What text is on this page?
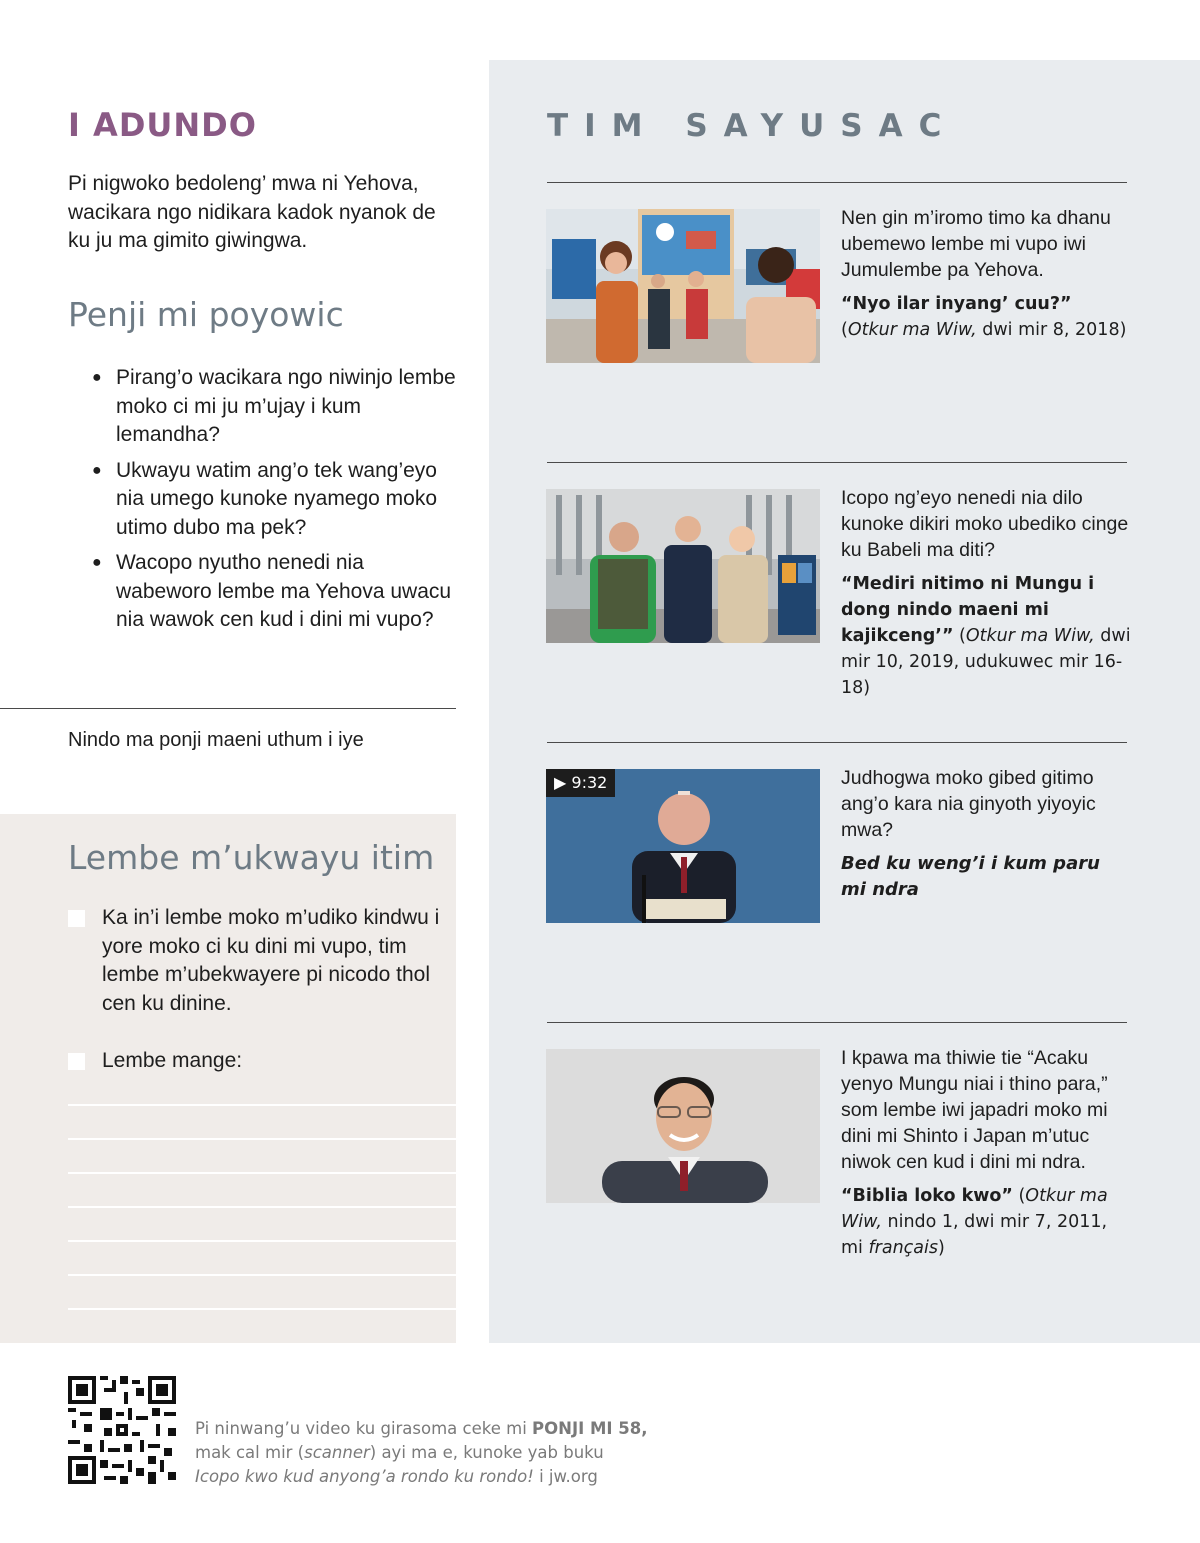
TIM SAYUSAC
Nen gin m’iromo timo ka dhanu ubemewo lembe mi vupo iwi Jumulembe pa Yehova.
“Nyo ilar inyang’ cuu?” (Otkur ma Wiw, dwi mir 8, 2018)
Icopo ng’eyo nenedi nia dilo kunoke dikiri moko ubediko cinge ku Babeli ma diti?
“Mediri nitimo ni Mungu i dong nindo maeni mi kajikceng’” (Otkur ma Wiw, dwi mir 10, 2019, udukuwec mir 16-18)
▶ 9:32	Judhogwa moko gibed gitimo ang’o kara nia ginyoth yiyoyic mwa?
Bed ku weng’i i kum paru mi ndra
I kpawa ma thiwie tie “Acaku yenyo Mungu niai i thino para,” som lembe iwi japadri moko mi dini mi Shinto i Japan m’utuc niwok cen kud i dini mi ndra.
“Biblia loko kwo” (Otkur ma Wiw, nindo 1, dwi mir 7, 2011, mi français)
I ADUNDO
Pi nigwoko bedoleng’ mwa ni Yehova, wacikara ngo nidikara kadok nyanok de ku ju ma gimito giwingwa.
Penji mi poyowic
● Pirang’o wacikara ngo niwinjo lembe moko ci mi ju m’ujay i kum lemandha?
● Ukwayu watim ang’o tek wang’eyo nia umego kunoke nyamego moko utimo dubo ma pek?
● Wacopo nyutho nenedi nia wabeworo lembe ma Yehova uwacu nia wawok cen kud i dini mi vupo?
Nindo ma ponji maeni uthum i iye
Lembe m’ukwayu itim
Ka in’i lembe moko m’udiko kindwu i yore moko ci ku dini mi vupo, tim lembe m’ubekwayere pi nicodo thol cen ku dinine.
Lembe mange:
Pi ninwang’u video ku girasoma ceke mi PONJI MI 58,
mak cal mir (scanner) ayi ma e, kunoke yab buku
Icopo kwo kud anyong’a rondo ku rondo! i jw.org
